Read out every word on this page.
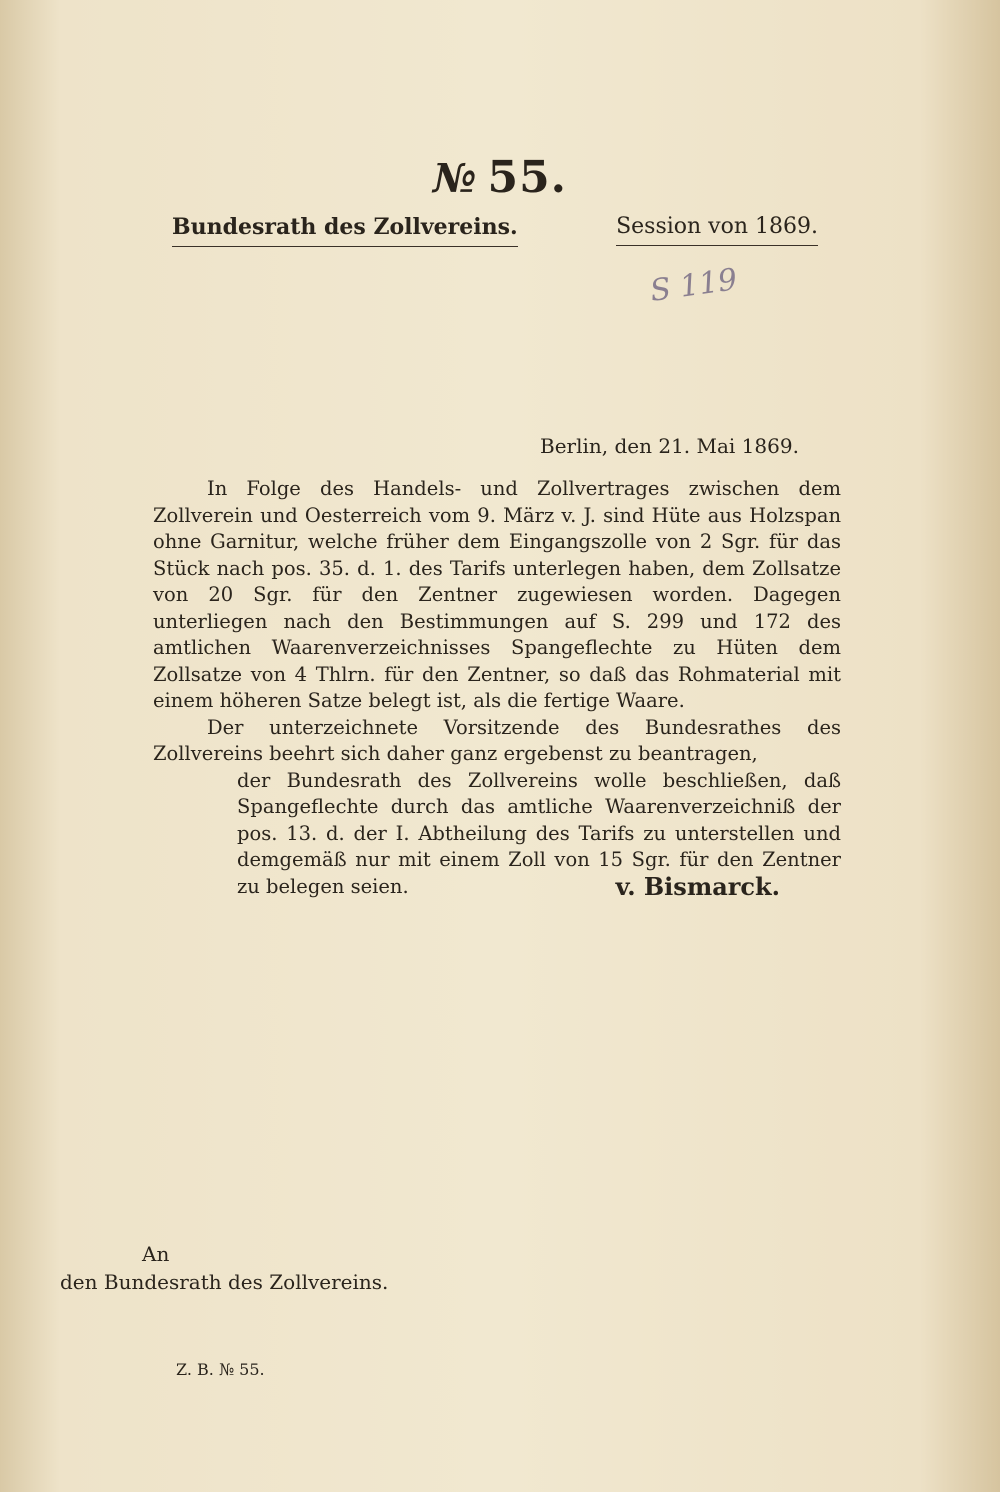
№ 55.
Bundesrath des Zollvereins.	Session von 1869.
S 119
Berlin, den 21. Mai 1869.

In Folge des Handels- und Zollvertrages zwischen dem Zollverein und Oesterreich vom 9. März v. J. sind Hüte aus Holzspan ohne Garnitur, welche früher dem Eingangszolle von 2 Sgr. für das Stück nach pos. 35. d. 1. des Tarifs unterlegen haben, dem Zollsatze von 20 Sgr. für den Zentner zugewiesen worden. Dagegen unterliegen nach den Bestimmungen auf S. 299 und 172 des amtlichen Waarenverzeichnisses Spangeflechte zu Hüten dem Zollsatze von 4 Thlrn. für den Zentner, so daß das Rohmaterial mit einem höheren Satze belegt ist, als die fertige Waare.

Der unterzeichnete Vorsitzende des Bundesrathes des Zollvereins beehrt sich daher ganz ergebenst zu beantragen,

der Bundesrath des Zollvereins wolle beschließen, daß Spangeflechte durch das amtliche Waarenverzeichniß der pos. 13. d. der I. Abtheilung des Tarifs zu unterstellen und demgemäß nur mit einem Zoll von 15 Sgr. für den Zentner zu belegen seien.	v. Bismarck.
An
den Bundesrath des Zollvereins.
Z. B. № 55.
